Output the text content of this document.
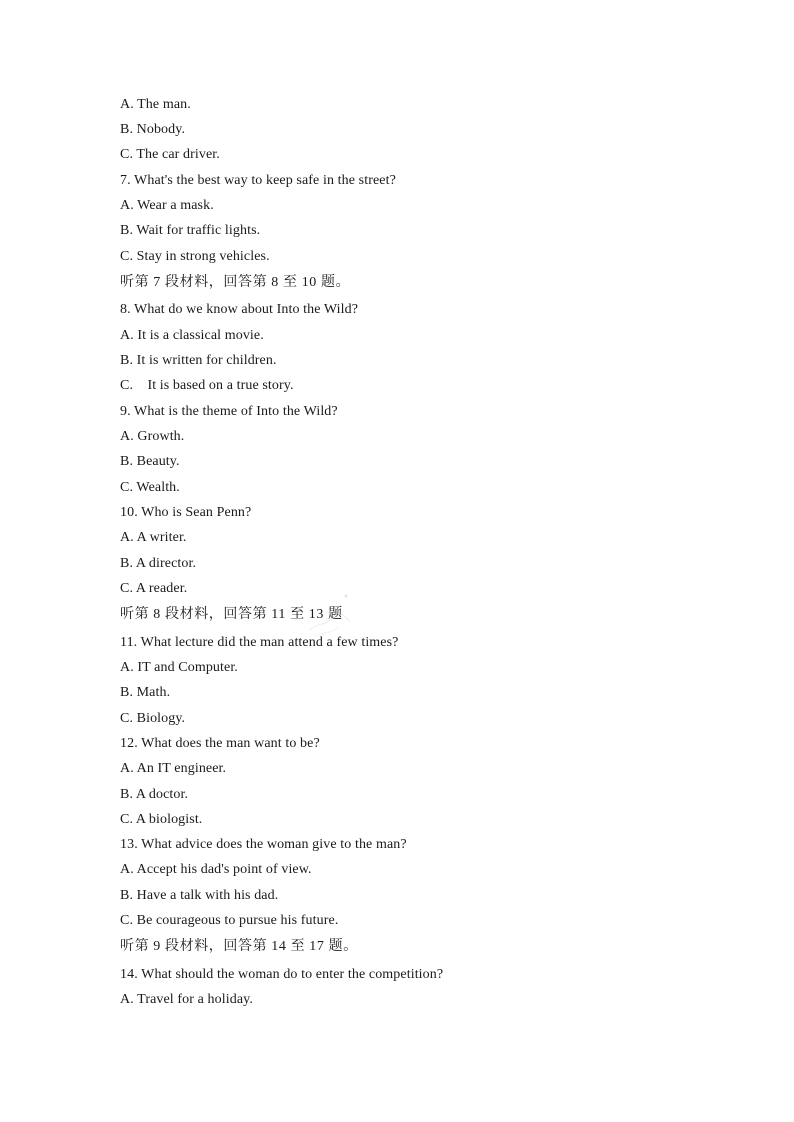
A. The man.
B. Nobody.
C. The car driver.
7. What's the best way to keep safe in the street?
A. Wear a mask.
B. Wait for traffic lights.
C. Stay in strong vehicles.
听第 7 段材料，回答第 8 至 10 题。
8. What do we know about Into the Wild?
A. It is a classical movie.
B. It is written for children.
C.    It is based on a true story.
9. What is the theme of Into the Wild?
A. Growth.
B. Beauty.
C. Wealth.
10. Who is Sean Penn?
A. A writer.
B. A director.
C. A reader.
听第 8 段材料，回答第 11 至 13 题
11. What lecture did the man attend a few times?
A. IT and Computer.
B. Math.
C. Biology.
12. What does the man want to be?
A. An IT engineer.
B. A doctor.
C. A biologist.
13. What advice does the woman give to the man?
A. Accept his dad's point of view.
B. Have a talk with his dad.
C. Be courageous to pursue his future.
听第 9 段材料，回答第 14 至 17 题。
14. What should the woman do to enter the competition?
A. Travel for a holiday.
